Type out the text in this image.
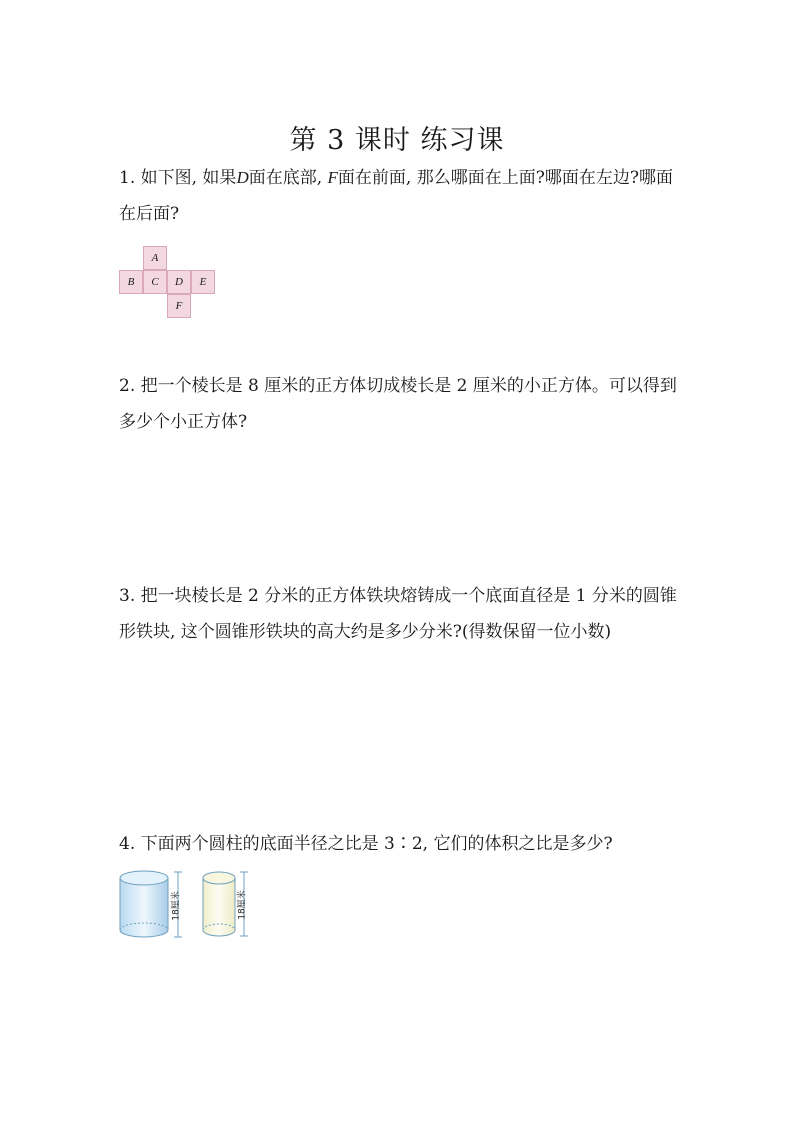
第 3 课时 练习课
1. 如下图, 如果D面在底部, F面在前面, 那么哪面在上面?哪面在左边?哪面在后面?
A
B	C	D	E
F
2. 把一个棱长是 8 厘米的正方体切成棱长是 2 厘米的小正方体。可以得到多少个小正方体?
3. 把一块棱长是 2 分米的正方体铁块熔铸成一个底面直径是 1 分米的圆锥形铁块, 这个圆锥形铁块的高大约是多少分米?(得数保留一位小数)
4. 下面两个圆柱的底面半径之比是 3∶2, 它们的体积之比是多少?
18厘米	18厘米
